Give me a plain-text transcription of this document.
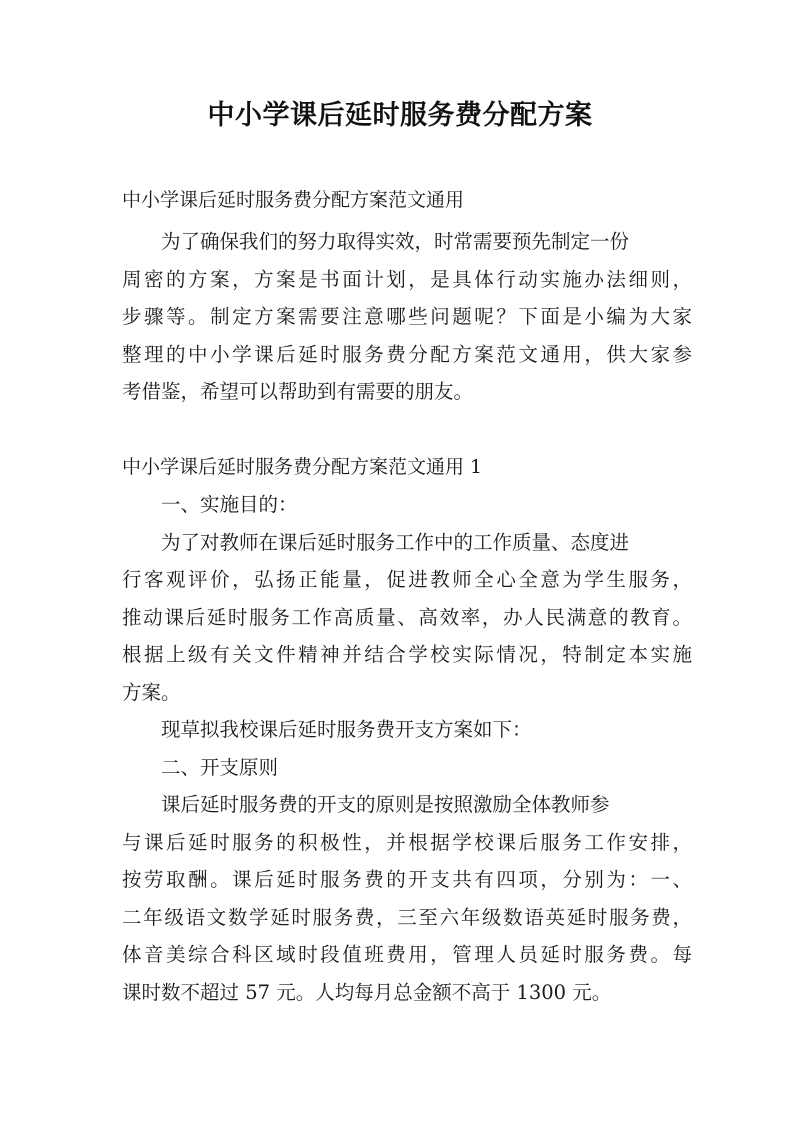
中小学课后延时服务费分配方案
中小学课后延时服务费分配方案范文通用
为了确保我们的努力取得实效，时常需要预先制定一份
周密的方案，方案是书面计划，是具体行动实施办法细则，
步骤等。制定方案需要注意哪些问题呢？下面是小编为大家
整理的中小学课后延时服务费分配方案范文通用，供大家参
考借鉴，希望可以帮助到有需要的朋友。
中小学课后延时服务费分配方案范文通用 1
一、实施目的：
为了对教师在课后延时服务工作中的工作质量、态度进
行客观评价，弘扬正能量，促进教师全心全意为学生服务，
推动课后延时服务工作高质量、高效率，办人民满意的教育。
根据上级有关文件精神并结合学校实际情况，特制定本实施
方案。
现草拟我校课后延时服务费开支方案如下：
二、开支原则
课后延时服务费的开支的原则是按照激励全体教师参
与课后延时服务的积极性，并根据学校课后服务工作安排，
按劳取酬。课后延时服务费的开支共有四项，分别为：一、
二年级语文数学延时服务费，三至六年级数语英延时服务费，
体音美综合科区域时段值班费用，管理人员延时服务费。每
课时数不超过 57 元。人均每月总金额不高于 1300 元。
